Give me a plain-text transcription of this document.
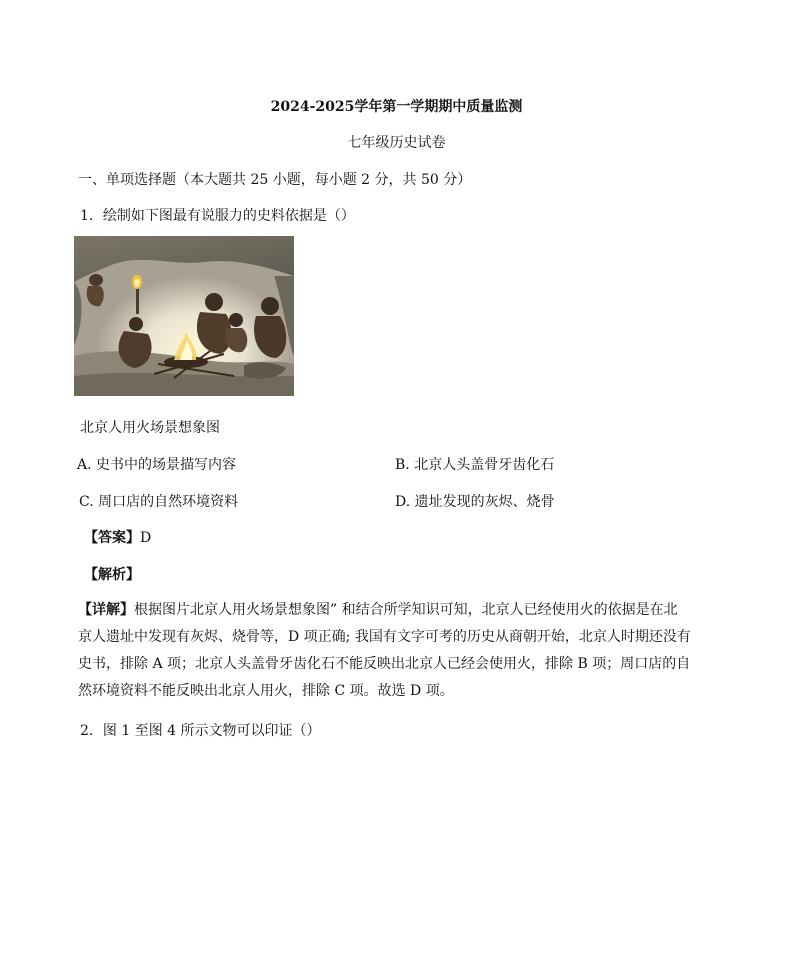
2024-2025学年第一学期期中质量监测
七年级历史试卷
一、单项选择题（本大题共 25 小题，每小题 2 分，共 50 分）
1．绘制如下图最有说服力的史料依据是（）
北京人用火场景想象图
A. 史书中的场景描写内容	B. 北京人头盖骨牙齿化石
C. 周口店的自然环境资料	D. 遗址发现的灰烬、烧骨
【答案】D
【解析】

【详解】根据图片北京人用火场景想象图” 和结合所学知识可知，北京人已经使用火的依据是在北

京人遗址中发现有灰烬、烧骨等，D 项正确; 我国有文字可考的历史从商朝开始，北京人时期还没有

史书，排除 A 项；北京人头盖骨牙齿化石不能反映出北京人已经会使用火，排除 B 项；周口店的自

然环境资料不能反映出北京人用火，排除 C 项。故选 D 项。

2．图 1 至图 4 所示文物可以印证（）
